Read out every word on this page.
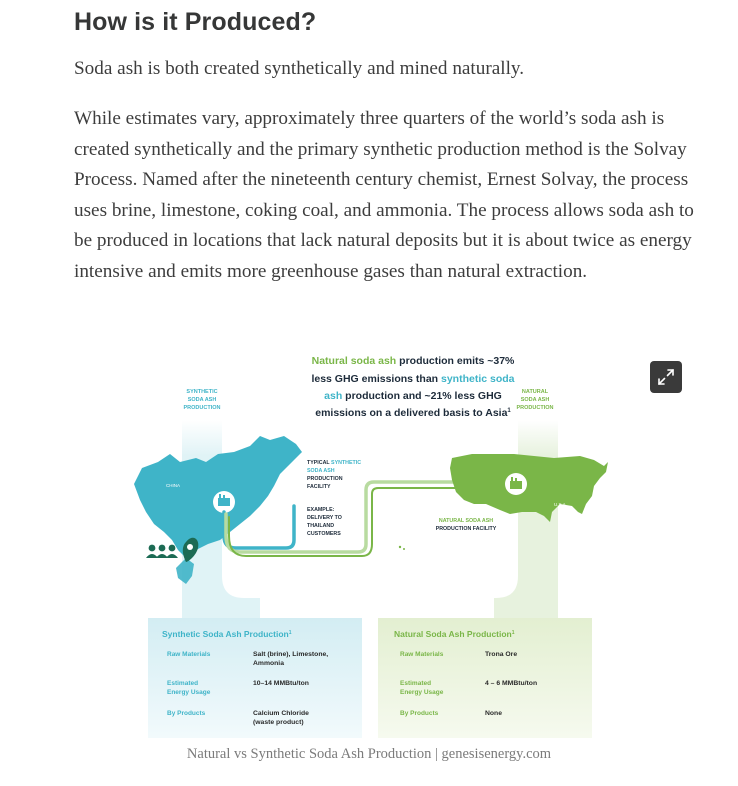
How is it Produced?

Soda ash is both created synthetically and mined naturally.

While estimates vary, approximately three quarters of the world’s soda ash is created synthetically and the primary synthetic production method is the Solvay Process. Named after the nineteenth century chemist, Ernest Solvay, the process uses brine, limestone, coking coal, and ammonia. The process allows soda ash to be produced in locations that lack natural deposits but it is about twice as energy intensive and emits more greenhouse gases than natural extraction.

Natural soda ash production emits ~37%
less GHG emissions than synthetic soda
ash production and ~21% less GHG
emissions on a delivered basis to Asia$^1$
SYNTHETIC
SODA ASH
PRODUCTION
NATURAL
SODA ASH
PRODUCTION
CHINA
U.S.A
TYPICAL SYNTHETIC
SODA ASH
PRODUCTION
FACILITY
EXAMPLE:
DELIVERY TO
THAILAND
CUSTOMERS
NATURAL SODA ASH
PRODUCTION FACILITY
Synthetic Soda Ash Production$^1$
Raw Materials
Estimated
Energy Usage
By Products
Salt (brine), Limestone,
Ammonia
10–14 MMBtu/ton
Calcium Chloride
(waste product)
Natural Soda Ash Production$^1$
Raw Materials
Estimated
Energy Usage
By Products
Trona Ore
4 – 6 MMBtu/ton
None
Natural vs Synthetic Soda Ash Production | genesisenergy.com
